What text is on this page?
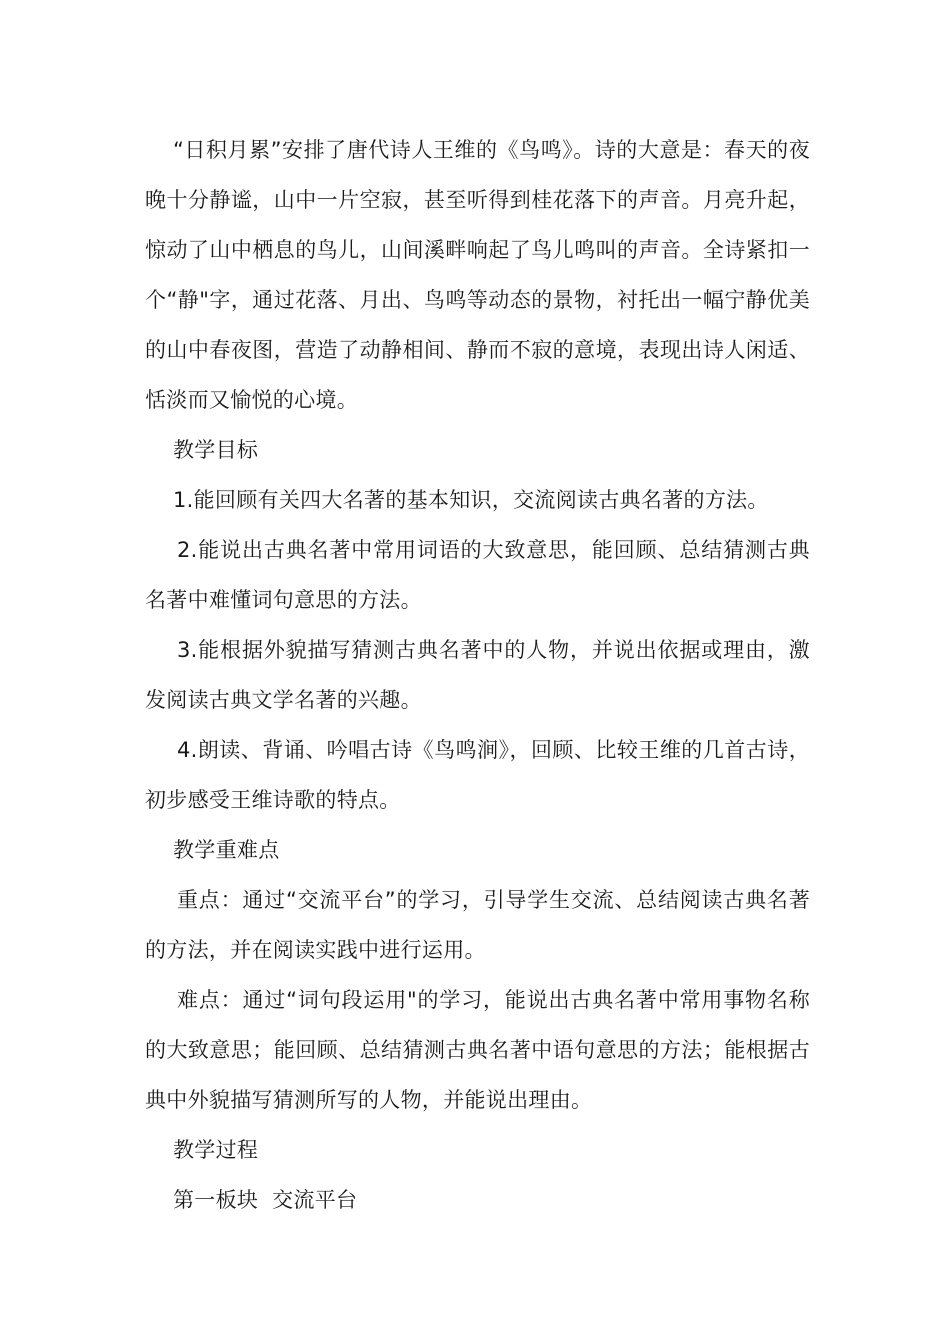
“日积月累”安排了唐代诗人王维的《鸟鸣》。诗的大意是：春天的夜晚十分静谧，山中一片空寂，甚至听得到桂花落下的声音。月亮升起，惊动了山中栖息的鸟儿，山间溪畔响起了鸟儿鸣叫的声音。全诗紧扣一个“静"字，通过花落、月出、鸟鸣等动态的景物，衬托出一幅宁静优美的山中春夜图，营造了动静相间、静而不寂的意境，表现出诗人闲适、恬淡而又愉悦的心境。

教学目标

1.能回顾有关四大名著的基本知识，交流阅读古典名著的方法。

2.能说出古典名著中常用词语的大致意思，能回顾、总结猜测古典名著中难懂词句意思的方法。

3.能根据外貌描写猜测古典名著中的人物，并说出依据或理由，激发阅读古典文学名著的兴趣。

4.朗读、背诵、吟唱古诗《鸟鸣涧》，回顾、比较王维的几首古诗，初步感受王维诗歌的特点。

教学重难点

重点：通过“交流平台”的学习，引导学生交流、总结阅读古典名著的方法，并在阅读实践中进行运用。

难点：通过“词句段运用"的学习，能说出古典名著中常用事物名称的大致意思；能回顾、总结猜测古典名著中语句意思的方法；能根据古典中外貌描写猜测所写的人物，并能说出理由。

教学过程

第一板块  交流平台
